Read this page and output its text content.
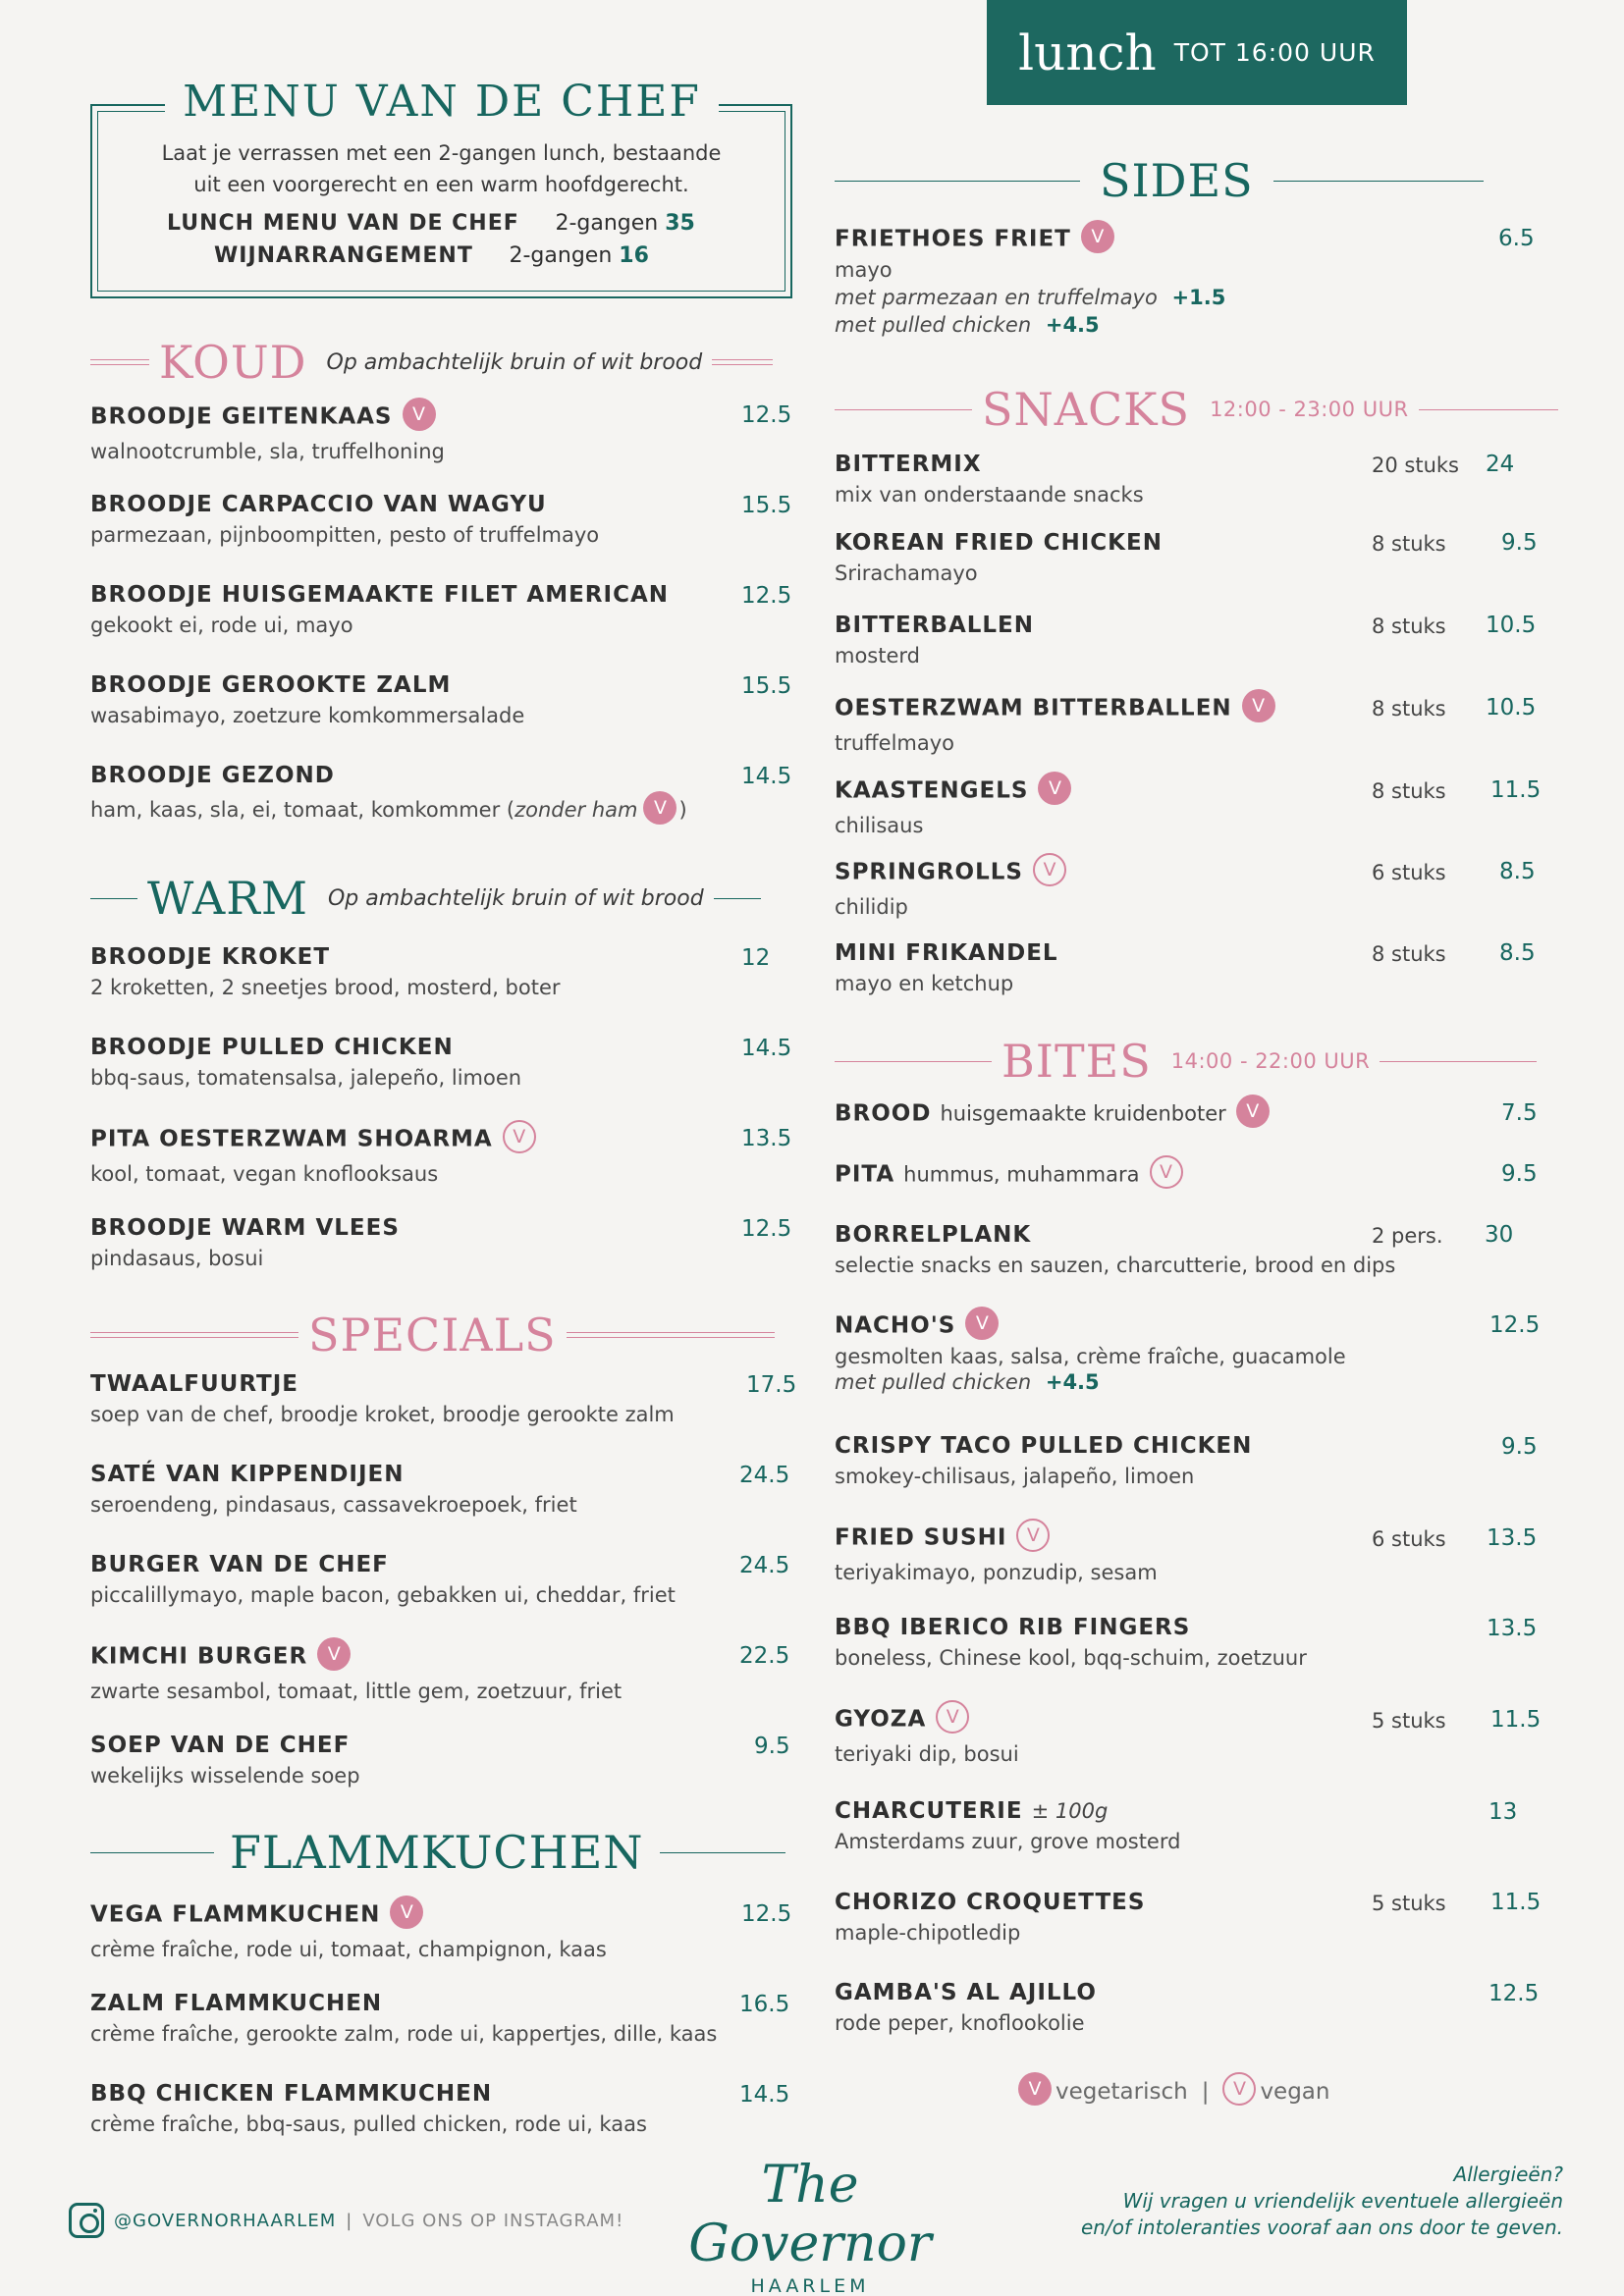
lunch TOT 16:00 UUR
MENU VAN DE CHEF
Laat je verrassen met een 2-gangen lunch, bestaande
uit een voorgerecht en een warm hoofdgerecht.
LUNCH MENU VAN DE CHEF 2-gangen 35
WIJNARRANGEMENT 2-gangen 16
KOUD Op ambachtelijk bruin of wit brood
BROODJE GEITENKAAS V
walnootcrumble, sla, truffelhoning
12.5
BROODJE CARPACCIO VAN WAGYU
parmezaan, pijnboompitten, pesto of truffelmayo
15.5
BROODJE HUISGEMAAKTE FILET AMERICAN
gekookt ei, rode ui, mayo
12.5
BROODJE GEROOKTE ZALM
wasabimayo, zoetzure komkommersalade
15.5
BROODJE GEZOND
ham, kaas, sla, ei, tomaat, komkommer (zonder ham V )
14.5
WARM Op ambachtelijk bruin of wit brood
BROODJE KROKET
2 kroketten, 2 sneetjes brood, mosterd, boter
12
BROODJE PULLED CHICKEN
bbq-saus, tomatensalsa, jalepeño, limoen
14.5
PITA OESTERZWAM SHOARMA V
kool, tomaat, vegan knoflooksaus
13.5
BROODJE WARM VLEES
pindasaus, bosui
12.5
SPECIALS
TWAALFUURTJE
soep van de chef, broodje kroket, broodje gerookte zalm
17.5
SATÉ VAN KIPPENDIJEN
seroendeng, pindasaus, cassavekroepoek, friet
24.5
BURGER VAN DE CHEF
piccalillymayo, maple bacon, gebakken ui, cheddar, friet
24.5
KIMCHI BURGER V
zwarte sesambol, tomaat, little gem, zoetzuur, friet
22.5
SOEP VAN DE CHEF
wekelijks wisselende soep
9.5
FLAMMKUCHEN
VEGA FLAMMKUCHEN V
crème fraîche, rode ui, tomaat, champignon, kaas
12.5
ZALM FLAMMKUCHEN
crème fraîche, gerookte zalm, rode ui, kappertjes, dille, kaas
16.5
BBQ CHICKEN FLAMMKUCHEN
crème fraîche, bbq-saus, pulled chicken, rode ui, kaas
14.5
SIDES
FRIETHOES FRIET V
mayo
met parmezaan en truffelmayo +1.5
met pulled chicken +4.5
6.5
SNACKS 12:00 - 23:00 UUR
BITTERMIX
mix van onderstaande snacks
20 stuks 24
KOREAN FRIED CHICKEN
Srirachamayo
8 stuks 9.5
BITTERBALLEN
mosterd
8 stuks 10.5
OESTERZWAM BITTERBALLEN V
truffelmayo
8 stuks 10.5
KAASTENGELS V
chilisaus
8 stuks 11.5
SPRINGROLLS V
chilidip
6 stuks 8.5
MINI FRIKANDEL
mayo en ketchup
8 stuks 8.5
BITES 14:00 - 22:00 UUR
BROOD huisgemaakte kruidenboter V	7.5
PITA hummus, muhammara V	9.5
BORRELPLANK
selectie snacks en sauzen, charcutterie, brood en dips
2 pers. 30
NACHO'S V
gesmolten kaas, salsa, crème fraîche, guacamole
met pulled chicken +4.5
12.5
CRISPY TACO PULLED CHICKEN
smokey-chilisaus, jalapeño, limoen
9.5
FRIED SUSHI V
teriyakimayo, ponzudip, sesam
6 stuks 13.5
BBQ IBERICO RIB FINGERS
boneless, Chinese kool, bqq-schuim, zoetzuur
13.5
GYOZA V
teriyaki dip, bosui
5 stuks 11.5
CHARCUTERIE ± 100g
Amsterdams zuur, grove mosterd
13
CHORIZO CROQUETTES
maple-chipotledip
5 stuks 11.5
GAMBA'S AL AJILLO
rode peper, knoflookolie
12.5
V vegetarisch |	V vegan
@GOVERNORHAARLEM | VOLG ONS OP INSTAGRAM!
The Governor
HAARLEM
Allergieën?
Wij vragen u vriendelijk eventuele allergieën
en/of intoleranties vooraf aan ons door te geven.
